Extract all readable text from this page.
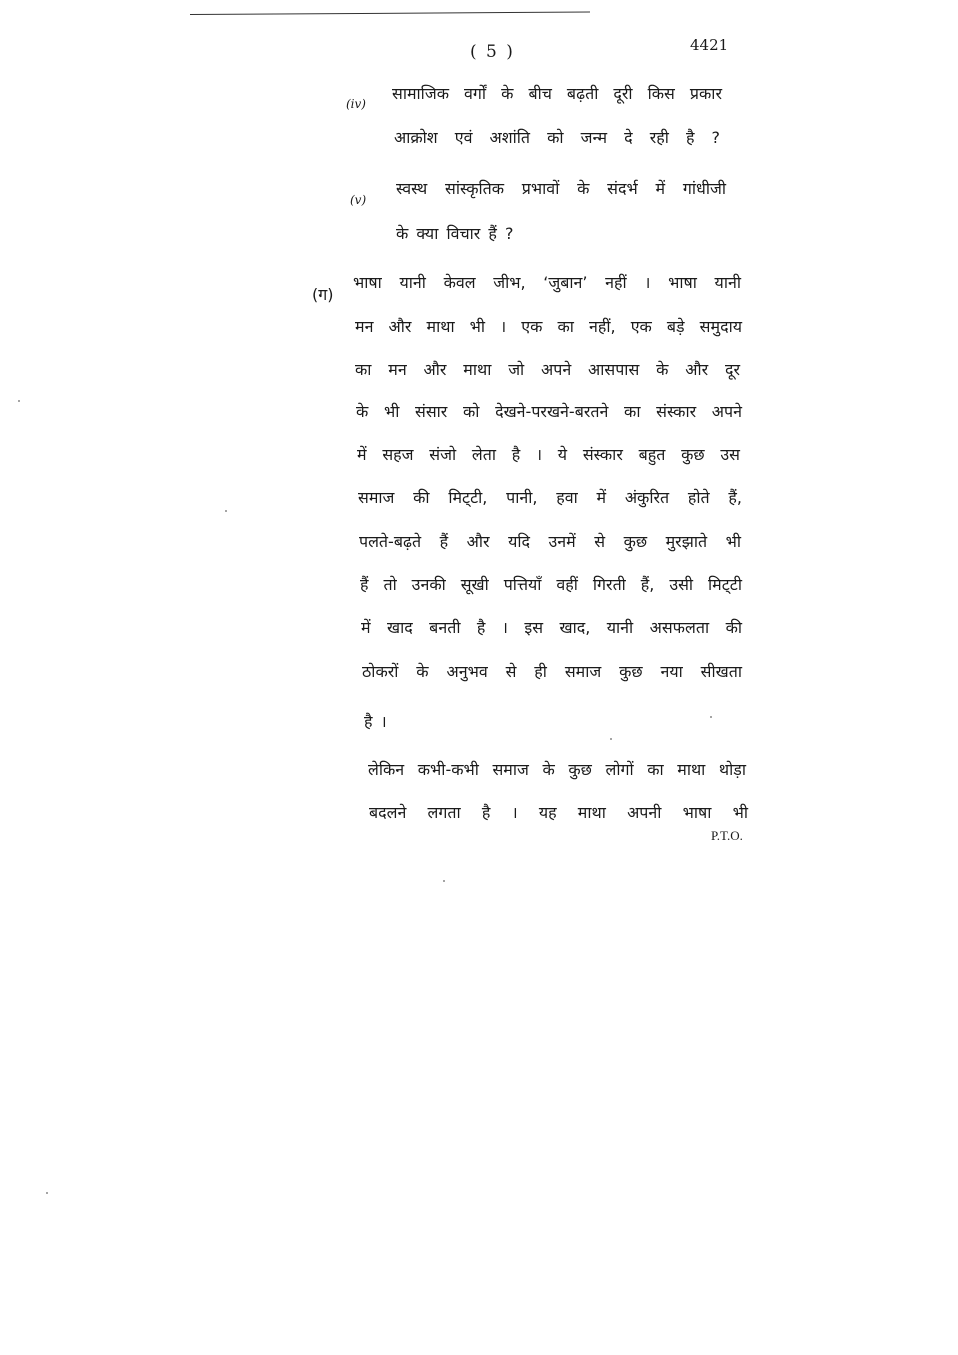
( 5 )	4421
(iv)
सामाजिक वर्गों के बीच बढ़ती दूरी किस प्रकार
आक्रोश एवं अशांति को जन्म दे रही है ?
(v)
स्वस्थ सांस्कृतिक प्रभावों के संदर्भ में गांधीजी
के क्या विचार हैं ?
(ग)
भाषा यानी केवल जीभ, ‘जुबान’ नहीं । भाषा यानी
मन और माथा भी । एक का नहीं, एक बड़े समुदाय
का मन और माथा जो अपने आसपास के और दूर
के भी संसार को देखने-परखने-बरतने का संस्कार अपने
में सहज संजो लेता है । ये संस्कार बहुत कुछ उस
समाज की मिट्‌टी, पानी, हवा में अंकुरित होते हैं,
पलते-बढ़ते हैं और यदि उनमें से कुछ मुरझाते भी
हैं तो उनकी सूखी पत्तियाँ वहीं गिरती हैं, उसी मिट्‌टी
में खाद बनती है । इस खाद, यानी असफलता की
ठोकरों के अनुभव से ही समाज कुछ नया सीखता
है ।
लेकिन कभी-कभी समाज के कुछ लोगों का माथा थोड़ा
बदलने लगता है । यह माथा अपनी भाषा भी
P.T.O.
